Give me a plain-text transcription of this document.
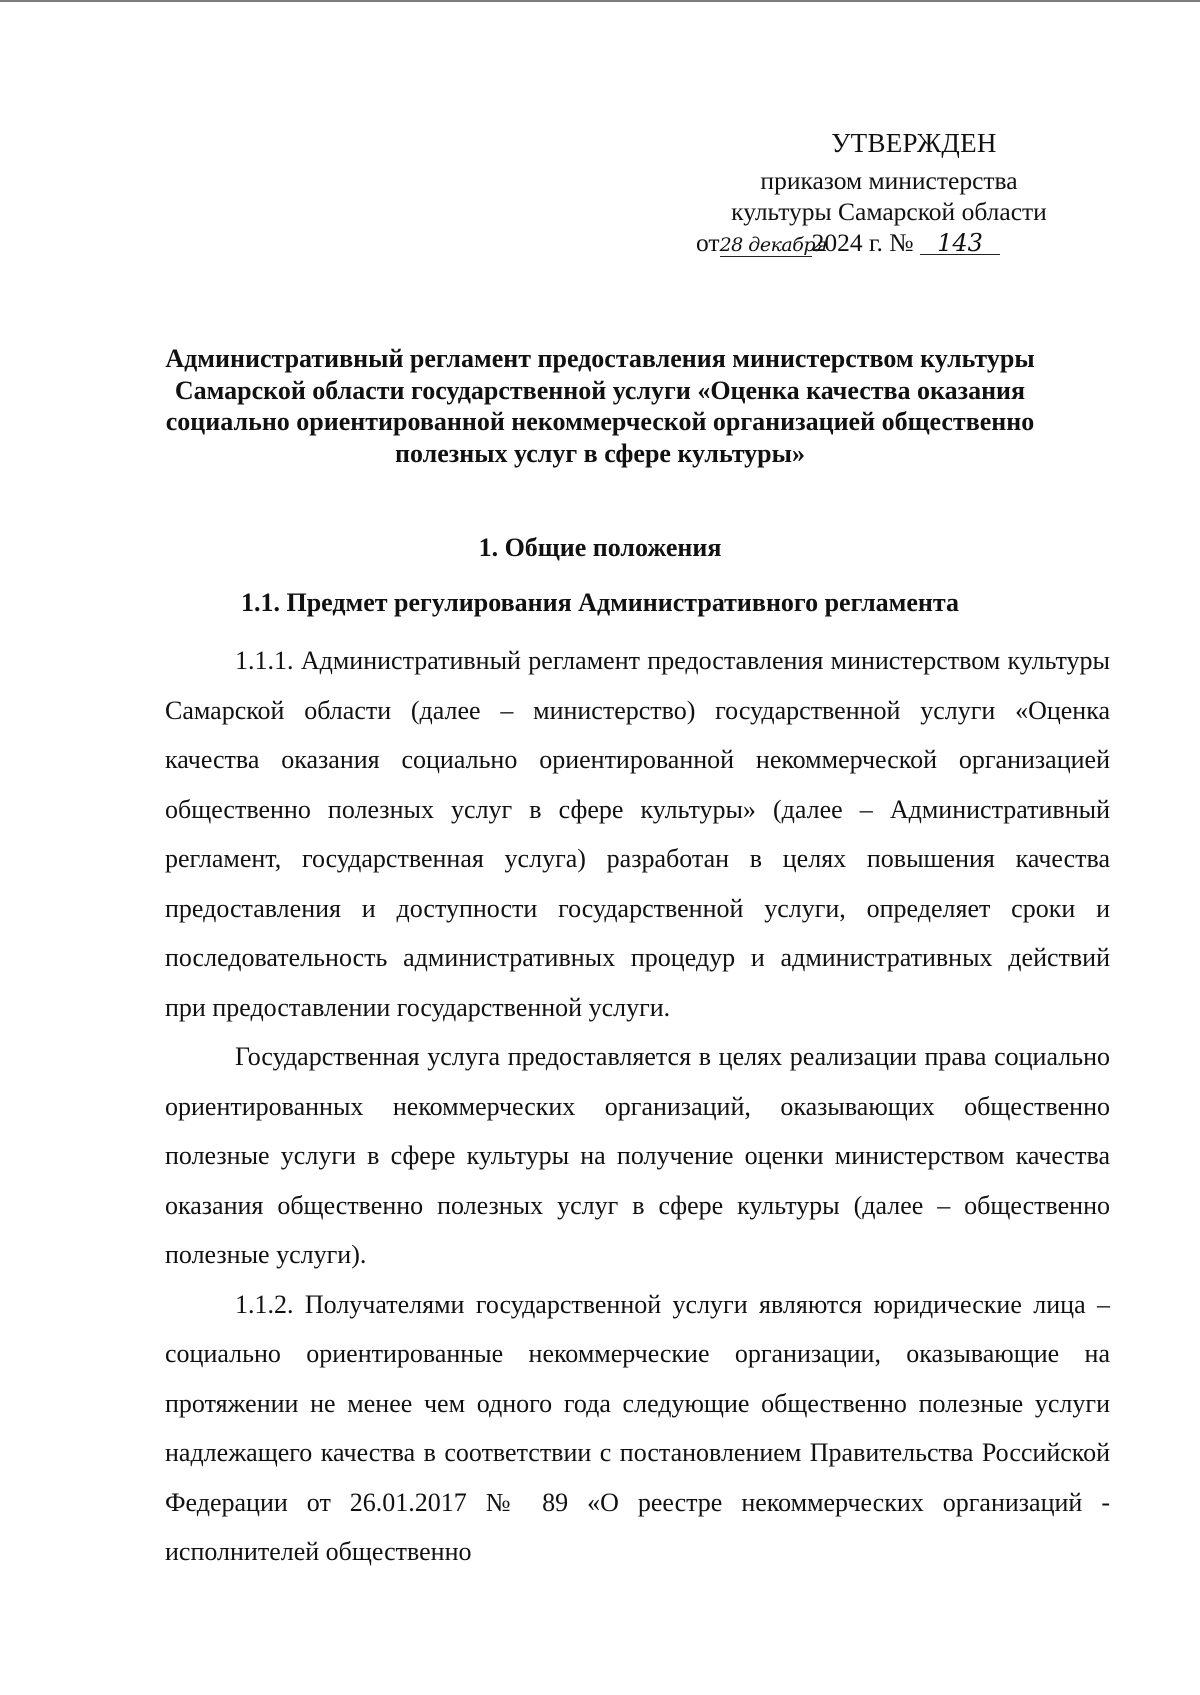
УТВЕРЖДЕН
приказом министерства
культуры Самарской области
от28 декабря2024 г. № 143
Административный регламент предоставления министерством культуры Самарской области государственной услуги «Оценка качества оказания социально ориентированной некоммерческой организацией общественно полезных услуг в сфере культуры»
1. Общие положения
1.1. Предмет регулирования Административного регламента

1.1.1. Административный регламент предоставления министерством культуры Самарской области (далее – министерство) государственной услуги «Оценка качества оказания социально ориентированной некоммерческой организацией общественно полезных услуг в сфере культуры» (далее – Административный регламент, государственная услуга) разработан в целях повышения качества предоставления и доступности государственной услуги, определяет сроки и последовательность административных процедур и административных действий при предоставлении государственной услуги.

Государственная услуга предоставляется в целях реализации права социально ориентированных некоммерческих организаций, оказывающих общественно полезные услуги в сфере культуры на получение оценки министерством качества оказания общественно полезных услуг в сфере культуры (далее – общественно полезные услуги).

1.1.2. Получателями государственной услуги являются юридические лица – социально ориентированные некоммерческие организации, оказывающие на протяжении не менее чем одного года следующие общественно полезные услуги надлежащего качества в соответствии с постановлением Правительства Российской Федерации от 26.01.2017 № 89 «О реестре некоммерческих организаций - исполнителей общественно
